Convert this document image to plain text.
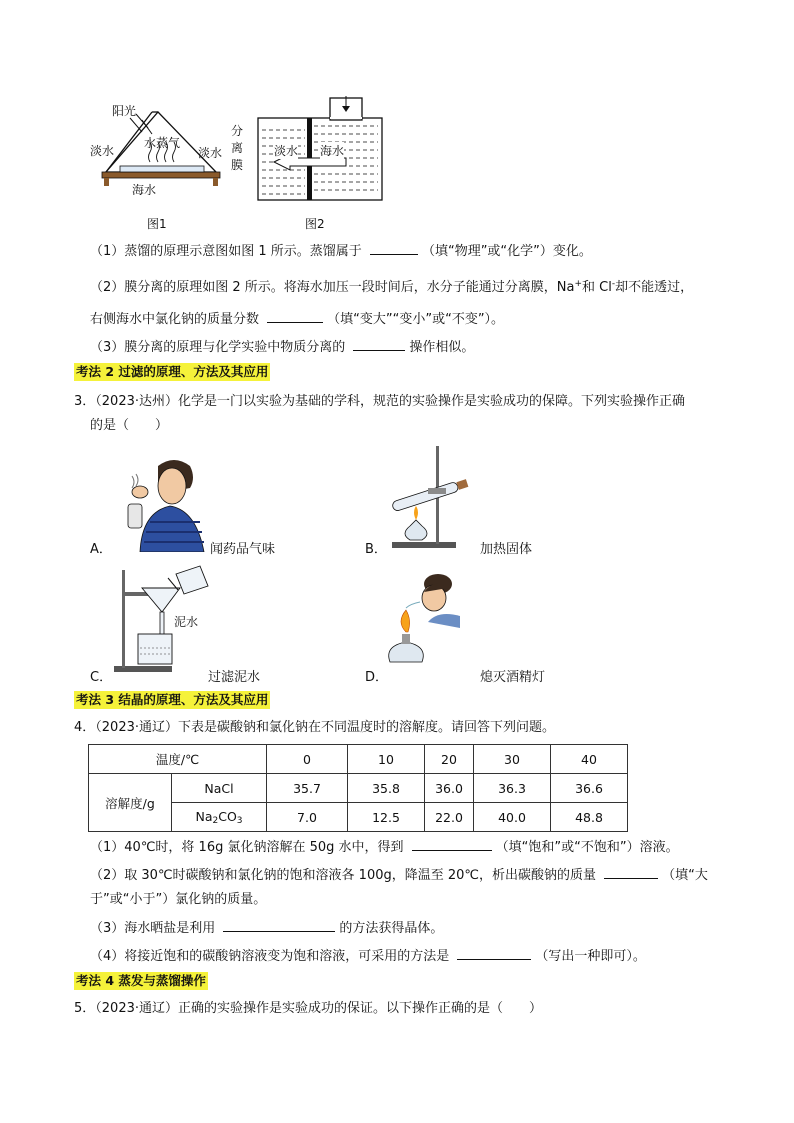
阳光
水蒸气
淡水	淡水
海水
图1
分
离
膜
淡水 海水
图2
（1）蒸馏的原理示意图如图 1 所示。蒸馏属于	（填“物理”或“化学”）变化。
（2）膜分离的原理如图 2 所示。将海水加压一段时间后，水分子能通过分离膜，Na+和 Cl-却不能透过，
右侧海水中氯化钠的质量分数	（填“变大”“变小”或“不变”）。
（3）膜分离的原理与化学实验中物质分离的	操作相似。
考法 2 过滤的原理、方法及其应用
3．（2023·达州）化学是一门以实验为基础的学科，规范的实验操作是实验成功的保障。下列实验操作正确
的是（　　）
A．	闻药品气味	B．	加热固体
泥水
C．	过滤泥水	D．	熄灭酒精灯
考法 3 结晶的原理、方法及其应用
4．（2023·通辽）下表是碳酸钠和氯化钠在不同温度时的溶解度。请回答下列问题。
温度/℃		0	10	20	30	40
溶解度/g	NaCl	35.7	35.8	36.0	36.3	36.6
	$Na_2CO_3$	7.0	12.5	22.0	40.0	48.8
（1）40℃时，将 16g 氯化钠溶解在 50g 水中，得到	（填“饱和”或“不饱和”）溶液。
（2）取 30℃时碳酸钠和氯化钠的饱和溶液各 100g，降温至 20℃，析出碳酸钠的质量	（填“大
于”或“小于”）氯化钠的质量。
（3）海水晒盐是利用	的方法获得晶体。
（4）将接近饱和的碳酸钠溶液变为饱和溶液，可采用的方法是	（写出一种即可）。
考法 4 蒸发与蒸馏操作
5．（2023·通辽）正确的实验操作是实验成功的保证。以下操作正确的是（　　）
